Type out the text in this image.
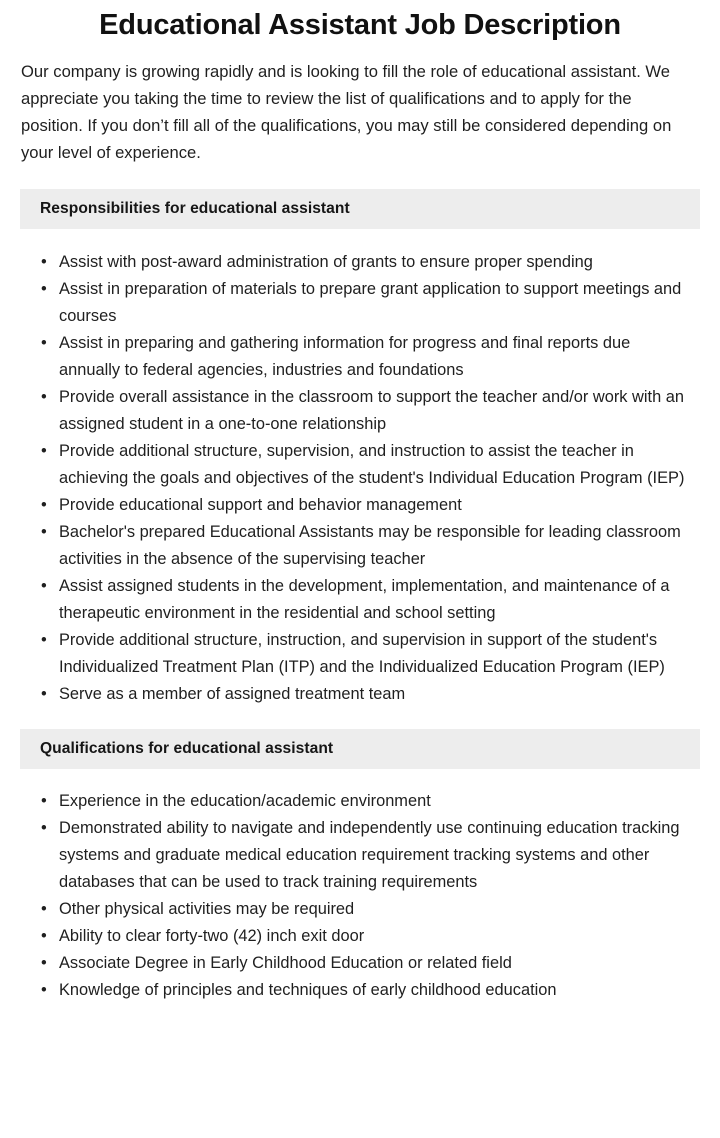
Educational Assistant Job Description

Our company is growing rapidly and is looking to fill the role of educational assistant. We appreciate you taking the time to review the list of qualifications and to apply for the position. If you don’t fill all of the qualifications, you may still be considered depending on your level of experience.

Responsibilities for educational assistant
• Assist with post-award administration of grants to ensure proper spending
• Assist in preparation of materials to prepare grant application to support meetings and courses
• Assist in preparing and gathering information for progress and final reports due annually to federal agencies, industries and foundations
• Provide overall assistance in the classroom to support the teacher and/or work with an assigned student in a one-to-one relationship
• Provide additional structure, supervision, and instruction to assist the teacher in achieving the goals and objectives of the student's Individual Education Program (IEP)
• Provide educational support and behavior management
• Bachelor's prepared Educational Assistants may be responsible for leading classroom activities in the absence of the supervising teacher
• Assist assigned students in the development, implementation, and maintenance of a therapeutic environment in the residential and school setting
• Provide additional structure, instruction, and supervision in support of the student's Individualized Treatment Plan (ITP) and the Individualized Education Program (IEP)
• Serve as a member of assigned treatment team
Qualifications for educational assistant
• Experience in the education/academic environment
• Demonstrated ability to navigate and independently use continuing education tracking systems and graduate medical education requirement tracking systems and other databases that can be used to track training requirements
• Other physical activities may be required
• Ability to clear forty-two (42) inch exit door
• Associate Degree in Early Childhood Education or related field
• Knowledge of principles and techniques of early childhood education
